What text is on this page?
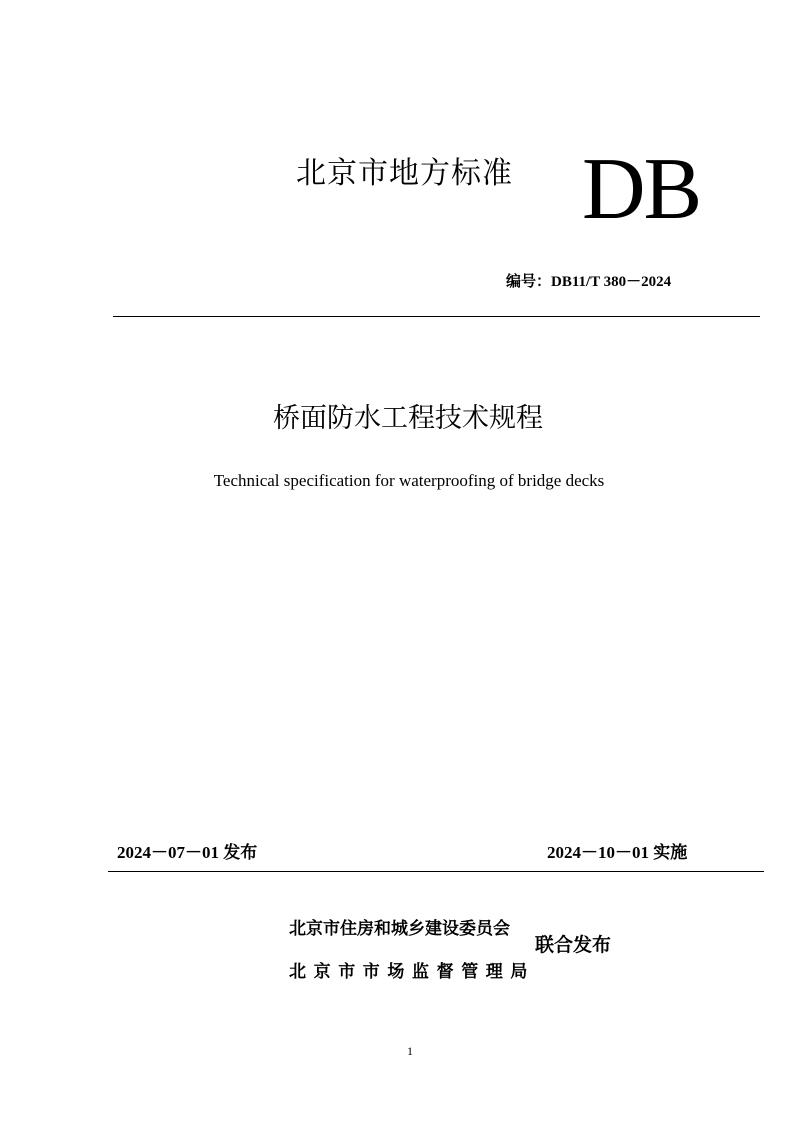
北京市地方标准 DB
编号：DB11/T 380－2024
桥面防水工程技术规程
Technical specification for waterproofing of bridge decks
2024－07－01 发布	2024－10－01 实施
北京市住房和城乡建设委员会
北京市市场监督管理局
联合发布
1
